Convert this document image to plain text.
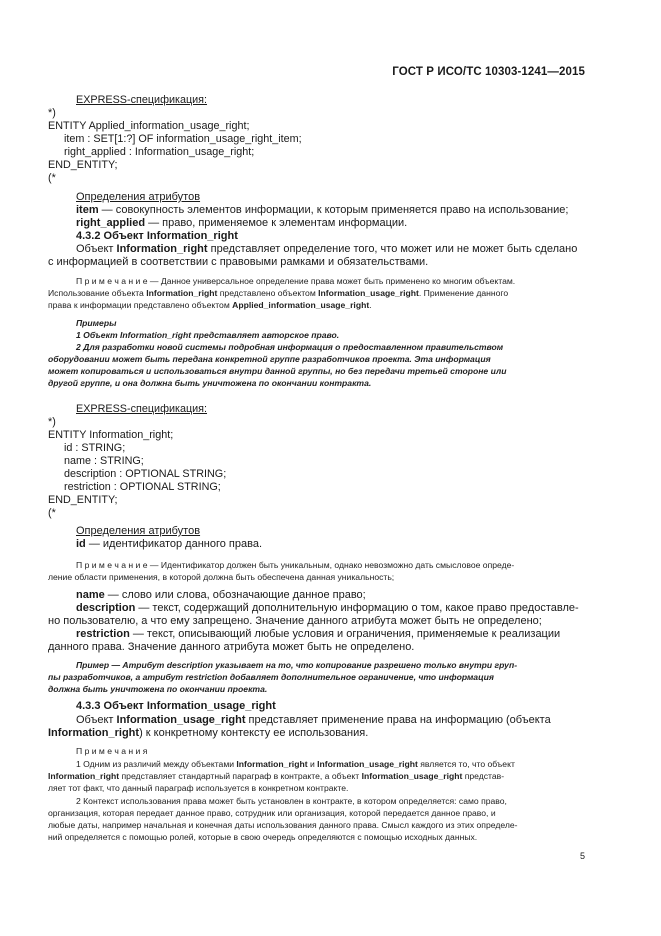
ГОСТ Р ИСО/ТС 10303-1241—2015
EXPRESS-спецификация:
*)
ENTITY Applied_information_usage_right;
item : SET[1:?] OF information_usage_right_item;
right_applied : Information_usage_right;
END_ENTITY;
(*
Определения атрибутов
item — совокупность элементов информации, к которым применяется право на использование;
right_applied — право, применяемое к элементам информации.
4.3.2 Объект Information_right
Объект Information_right представляет определение того, что может или не может быть сделано
с информацией в соответствии с правовыми рамками и обязательствами.
П р и м е ч а н и е — Данное универсальное определение права может быть применено ко многим объектам.
Использование объекта Information_right представлено объектом Information_usage_right. Применение данного
права к информации представлено объектом Applied_information_usage_right.
Примеры
1 Объект Information_right представляет авторское право.
2 Для разработки новой системы подробная информация о предоставленном правительством
оборудовании может быть передана конкретной группе разработчиков проекта. Эта информация
может копироваться и использоваться внутри данной группы, но без передачи третьей стороне или
другой группе, и она должна быть уничтожена по окончании контракта.
EXPRESS-спецификация:
*)
ENTITY Information_right;
id : STRING;
name : STRING;
description : OPTIONAL STRING;
restriction : OPTIONAL STRING;
END_ENTITY;
(*
Определения атрибутов
id — идентификатор данного права.
П р и м е ч а н и е — Идентификатор должен быть уникальным, однако невозможно дать смысловое опреде-
ление области применения, в которой должна быть обеспечена данная уникальность;
name — слово или слова, обозначающие данное право;
description — текст, содержащий дополнительную информацию о том, какое право предоставле-
но пользователю, а что ему запрещено. Значение данного атрибута может быть не определено;
restriction — текст, описывающий любые условия и ограничения, применяемые к реализации
данного права. Значение данного атрибута может быть не определено.
Пример — Атрибут description указывает на то, что копирование разрешено только внутри груп-
пы разработчиков, а атрибут restriction добавляет дополнительное ограничение, что информация
должна быть уничтожена по окончании проекта.
4.3.3 Объект Information_usage_right
Объект Information_usage_right представляет применение права на информацию (объекта
Information_right) к конкретному контексту ее использования.
П р и м е ч а н и я
1 Одним из различий между объектами Information_right и Information_usage_right является то, что объект
Information_right представляет стандартный параграф в контракте, а объект Information_usage_right представ-
ляет тот факт, что данный параграф используется в конкретном контракте.
2 Контекст использования права может быть установлен в контракте, в котором определяется: само право,
организация, которая передает данное право, сотрудник или организация, которой передается данное право, и
любые даты, например начальная и конечная даты использования данного права. Смысл каждого из этих определе-
ний определяется с помощью ролей, которые в свою очередь определяются с помощью исходных данных.
5
